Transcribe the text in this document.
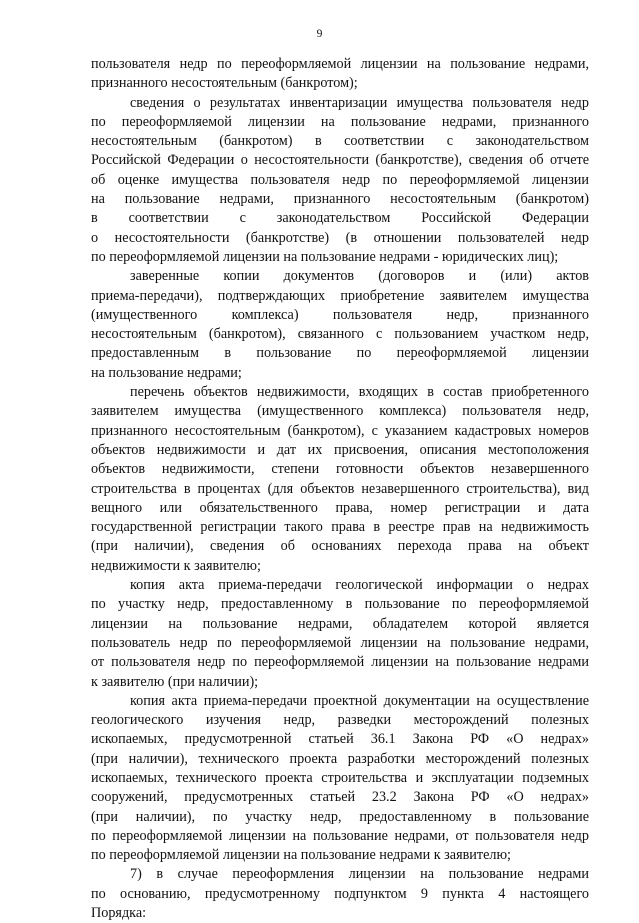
9
пользователя недр по переоформляемой лицензии на пользование недрами,
признанного несостоятельным (банкротом);
сведения о результатах инвентаризации имущества пользователя недр
по переоформляемой лицензии на пользование недрами, признанного
несостоятельным (банкротом) в соответствии с законодательством
Российской Федерации о несостоятельности (банкротстве), сведения об отчете
об оценке имущества пользователя недр по переоформляемой лицензии
на пользование недрами, признанного несостоятельным (банкротом)
в соответствии с законодательством Российской Федерации
о несостоятельности (банкротстве) (в отношении пользователей недр
по переоформляемой лицензии на пользование недрами - юридических лиц);
заверенные копии документов (договоров и (или) актов
приема-передачи), подтверждающих приобретение заявителем имущества
(имущественного комплекса) пользователя недр, признанного
несостоятельным (банкротом), связанного с пользованием участком недр,
предоставленным в пользование по переоформляемой лицензии
на пользование недрами;
перечень объектов недвижимости, входящих в состав приобретенного
заявителем имущества (имущественного комплекса) пользователя недр,
признанного несостоятельным (банкротом), с указанием кадастровых номеров
объектов недвижимости и дат их присвоения, описания местоположения
объектов недвижимости, степени готовности объектов незавершенного
строительства в процентах (для объектов незавершенного строительства), вид
вещного или обязательственного права, номер регистрации и дата
государственной регистрации такого права в реестре прав на недвижимость
(при наличии), сведения об основаниях перехода права на объект
недвижимости к заявителю;
копия акта приема-передачи геологической информации о недрах
по участку недр, предоставленному в пользование по переоформляемой
лицензии на пользование недрами, обладателем которой является
пользователь недр по переоформляемой лицензии на пользование недрами,
от пользователя недр по переоформляемой лицензии на пользование недрами
к заявителю (при наличии);
копия акта приема-передачи проектной документации на осуществление
геологического изучения недр, разведки месторождений полезных
ископаемых, предусмотренной статьей 36.1 Закона РФ «О недрах»
(при наличии), технического проекта разработки месторождений полезных
ископаемых, технического проекта строительства и эксплуатации подземных
сооружений, предусмотренных статьей 23.2 Закона РФ «О недрах»
(при наличии), по участку недр, предоставленному в пользование
по переоформляемой лицензии на пользование недрами, от пользователя недр
по переоформляемой лицензии на пользование недрами к заявителю;
7) в случае переоформления лицензии на пользование недрами
по основанию, предусмотренному подпунктом 9 пункта 4 настоящего
Порядка:
